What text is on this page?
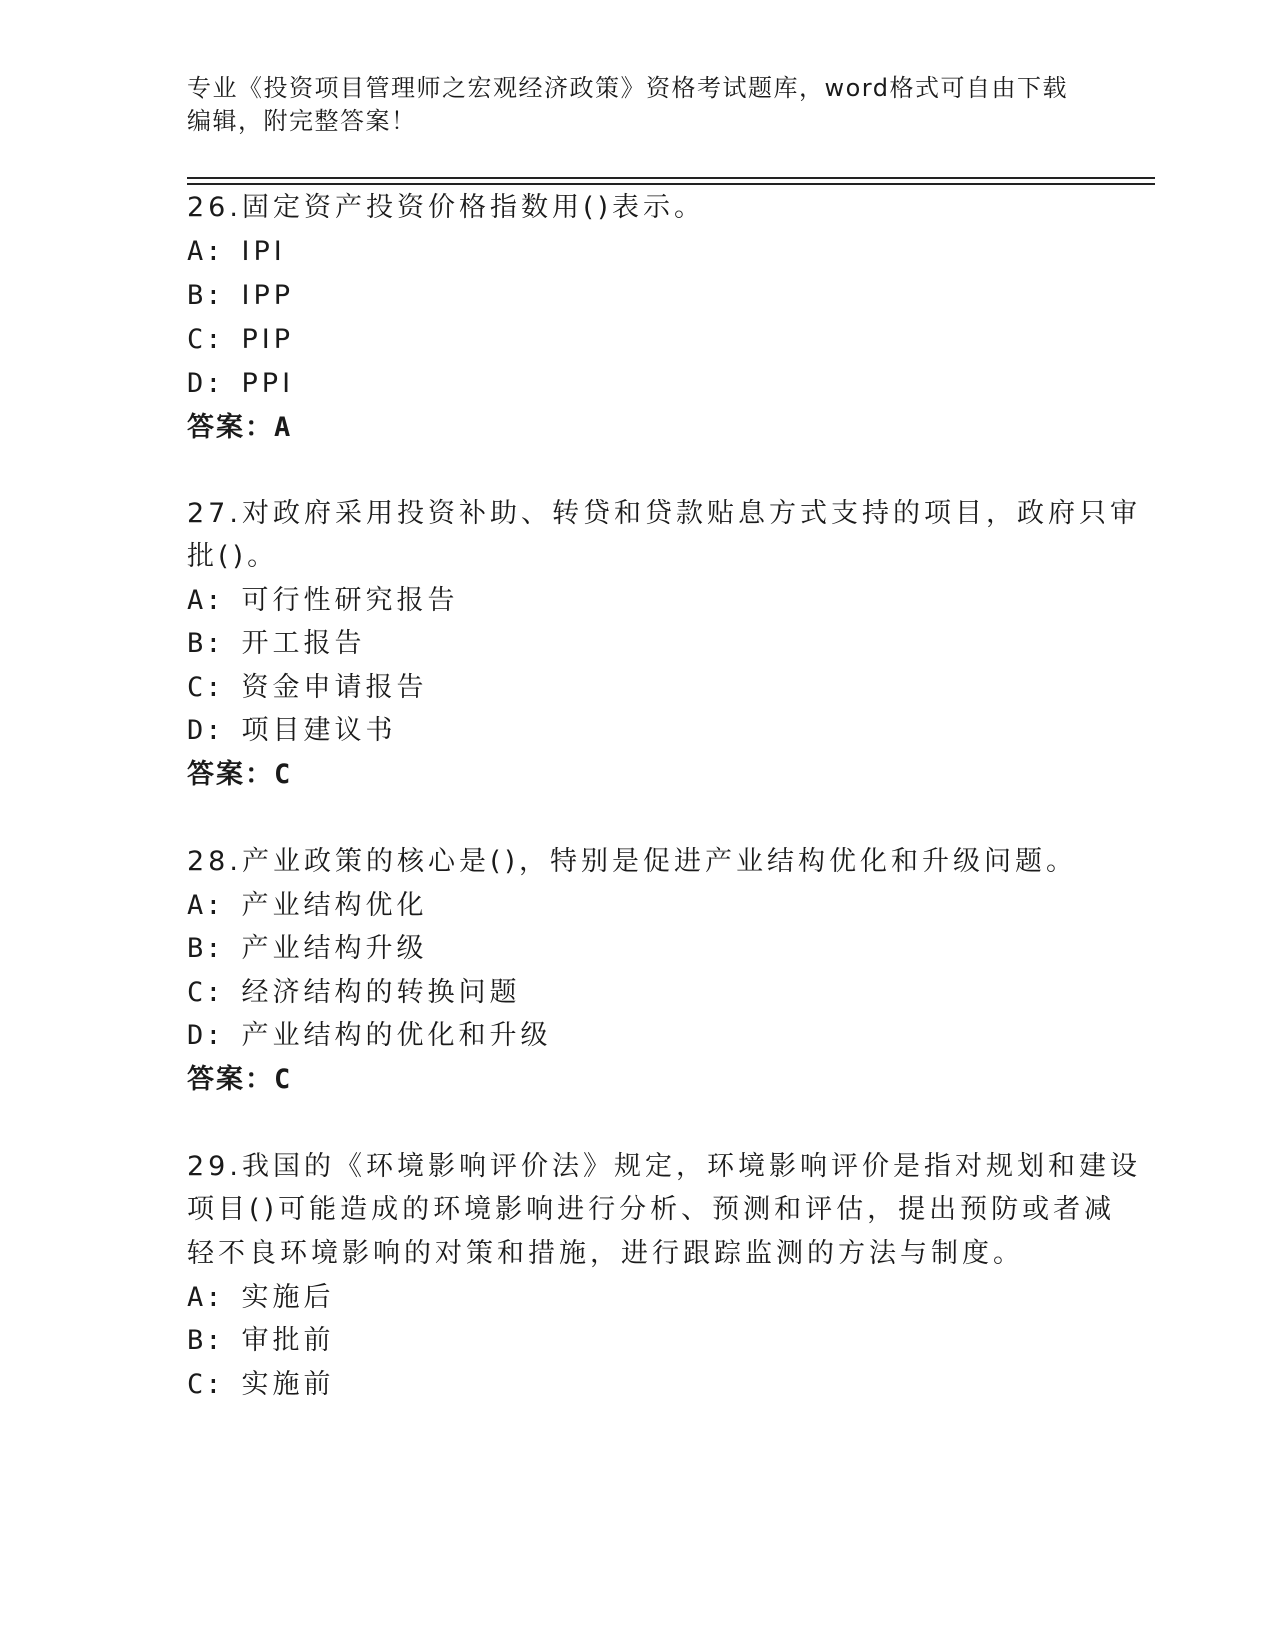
专业《投资项目管理师之宏观经济政策》资格考试题库，word格式可自由下载编辑，附完整答案！
26.固定资产投资价格指数用()表示。
A: IPI
B: IPP
C: PIP
D: PPI
答案：A
27.对政府采用投资补助、转贷和贷款贴息方式支持的项目，政府只审
批()。
A: 可行性研究报告
B: 开工报告
C: 资金申请报告
D: 项目建议书
答案：C
28.产业政策的核心是()，特别是促进产业结构优化和升级问题。
A: 产业结构优化
B: 产业结构升级
C: 经济结构的转换问题
D: 产业结构的优化和升级
答案：C
29.我国的《环境影响评价法》规定，环境影响评价是指对规划和建设
项目()可能造成的环境影响进行分析、预测和评估，提出预防或者减
轻不良环境影响的对策和措施，进行跟踪监测的方法与制度。
A: 实施后
B: 审批前
C: 实施前
